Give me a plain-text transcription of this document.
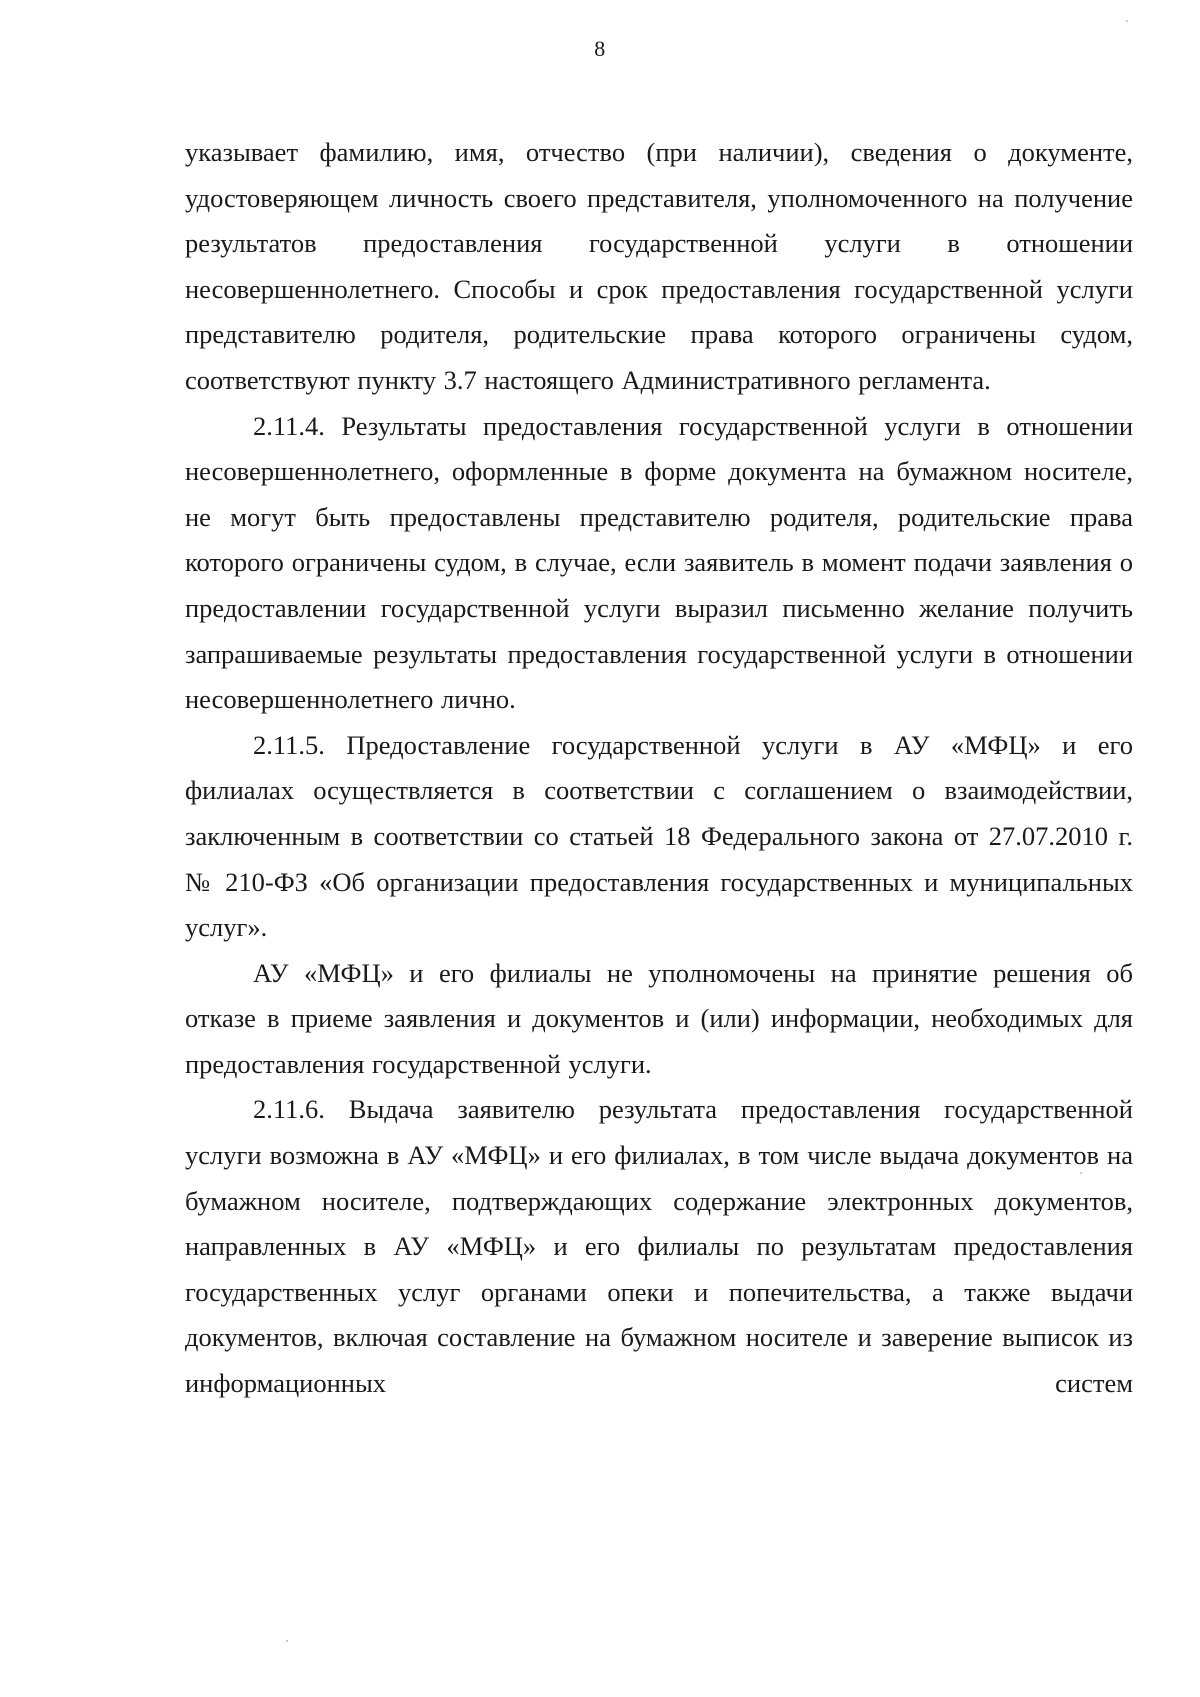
8

указывает фамилию, имя, отчество (при наличии), сведения о документе, удостоверяющем личность своего представителя, уполномоченного на получение результатов предоставления государственной услуги в отношении несовершеннолетнего. Способы и срок предоставления государственной услуги представителю родителя, родительские права которого ограничены судом, соответствуют пункту 3.7 настоящего Административного регламента.

2.11.4. Результаты предоставления государственной услуги в отношении несовершеннолетнего, оформленные в форме документа на бумажном носителе, не могут быть предоставлены представителю родителя, родительские права которого ограничены судом, в случае, если заявитель в момент подачи заявления о предоставлении государственной услуги выразил письменно желание получить запрашиваемые результаты предоставления государственной услуги в отношении несовершеннолетнего лично.

2.11.5. Предоставление государственной услуги в АУ «МФЦ» и его филиалах осуществляется в соответствии с соглашением о взаимодействии, заключенным в соответствии со статьей 18 Федерального закона от 27.07.2010 г. № 210-ФЗ «Об организации предоставления государственных и муниципальных услуг».

АУ «МФЦ» и его филиалы не уполномочены на принятие решения об отказе в приеме заявления и документов и (или) информации, необходимых для предоставления государственной услуги.

2.11.6. Выдача заявителю результата предоставления государственной услуги возможна в АУ «МФЦ» и его филиалах, в том числе выдача документов на бумажном носителе, подтверждающих содержание электронных документов, направленных в АУ «МФЦ» и его филиалы по результатам предоставления государственных услуг органами опеки и попечительства, а также выдачи документов, включая составление на бумажном носителе и заверение выписок из информационных систем
